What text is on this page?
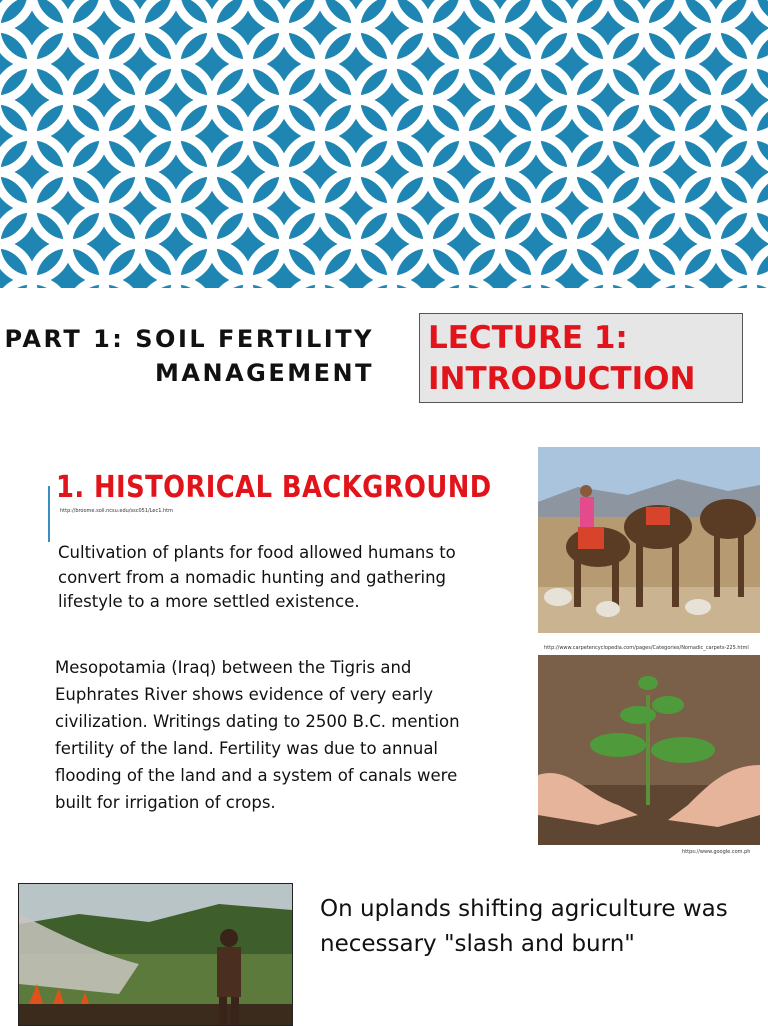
PART 1: SOIL FERTILITY
MANAGEMENT
LECTURE 1:
INTRODUCTION
1. HISTORICAL BACKGROUND
http://broome.soil.ncsu.edu/ssc051/Lec1.htm

Cultivation of plants for food allowed humans to convert from a nomadic hunting and gathering lifestyle to a more settled existence.

Mesopotamia (Iraq) between the Tigris and Euphrates River shows evidence of very early civilization. Writings dating to 2500 B.C. mention fertility of the land. Fertility was due to annual flooding of the land and a system of canals were built for irrigation of crops.

http://www.carpetencyclopedia.com/pages/Categories/Nomadic_carpets-225.html
https://www.google.com.ph

On uplands shifting agriculture was necessary "slash and burn"
